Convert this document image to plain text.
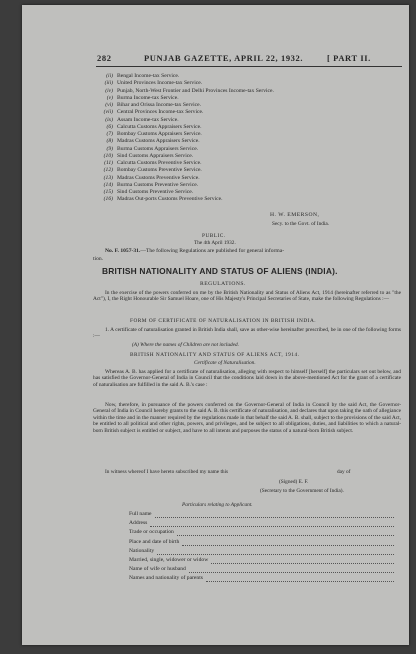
282	PUNJAB GAZETTE, APRIL 22, 1932.	[ PART II.
(ii) Bengal Income-tax Service.
(iii) United Provinces Income-tax Service.
(iv) Punjab, North-West Frontier and Delhi Provinces Income-tax Service.
(v) Burma Income-tax Service.
(vi) Bihar and Orissa Income-tax Service.
(vii) Central Provinces Income-tax Service.
(ix) Assam Income-tax Service.
(6) Calcutta Customs Appraisers Service.
(7) Bombay Customs Appraisers Service.
(8) Madras Customs Appraisers Service.
(9) Burma Customs Appraisers Service.
(10) Sind Customs Appraisers Service.
(11) Calcutta Customs Preventive Service.
(12) Bombay Customs Preventive Service.
(13) Madras Customs Preventive Service.
(14) Burma Customs Preventive Service.
(15) Sind Customs Preventive Service.
(16) Madras Out-ports Customs Preventive Service.
H. W. EMERSON,
Secy. to the Govt. of India.
PUBLIC.
The 4th April 1932.
No. F. 1057-31.—The following Regulations are published for general informa-
tion.
BRITISH NATIONALITY AND STATUS OF ALIENS (INDIA).
REGULATIONS.
In the exercise of the powers conferred on me by the British Nationality and Status of Aliens Act, 1914 (hereinafter referred to as "the Act"), I, the Right Honourable Sir Samuel Hoare, one of His Majesty's Principal Secretaries of State, make the following Regulations :—
FORM OF CERTIFICATE OF NATURALISATION IN BRITISH INDIA.
1. A certificate of naturalisation granted in British India shall, save as other-wise hereinafter prescribed, be in one of the following forms :—
(A) Where the names of Children are not included.
BRITISH NATIONALITY AND STATUS OF ALIENS ACT, 1914.
Certificate of Naturalisation.
Whereas A. B. has applied for a certificate of naturalisation, alleging with respect to himself [herself] the particulars set out below, and has satisfied the Governor-General of India in Council that the conditions laid down in the above-mentioned Act for the grant of a certificate of naturalisation are fulfilled in the said A. B.'s case :
Now, therefore, in pursuance of the powers conferred on the Governor-General of India in Council by the said Act, the Governor-General of India in Council hereby grants to the said A. B. this certificate of naturalisation, and declares that upon taking the oath of allegiance within the time and in the manner required by the regulations made in that behalf the said A. B. shall, subject to the provisions of the said Act, be entitled to all political and other rights, powers, and privileges, and be subject to all obligations, duties, and liabilities to which a natural-born British subject is entitled or subject, and have to all intents and purposes the status of a natural-born British subject.
In witness whereof I have hereto subscribed my name this	day of
(Signed) E. F.
(Secretary to the Government of India).
Particulars relating to Applicant.
Full name
Address
Trade or occupation
Place and date of birth
Nationality
Married, single, widower or widow
Name of wife or husband
Names and nationality of parents
